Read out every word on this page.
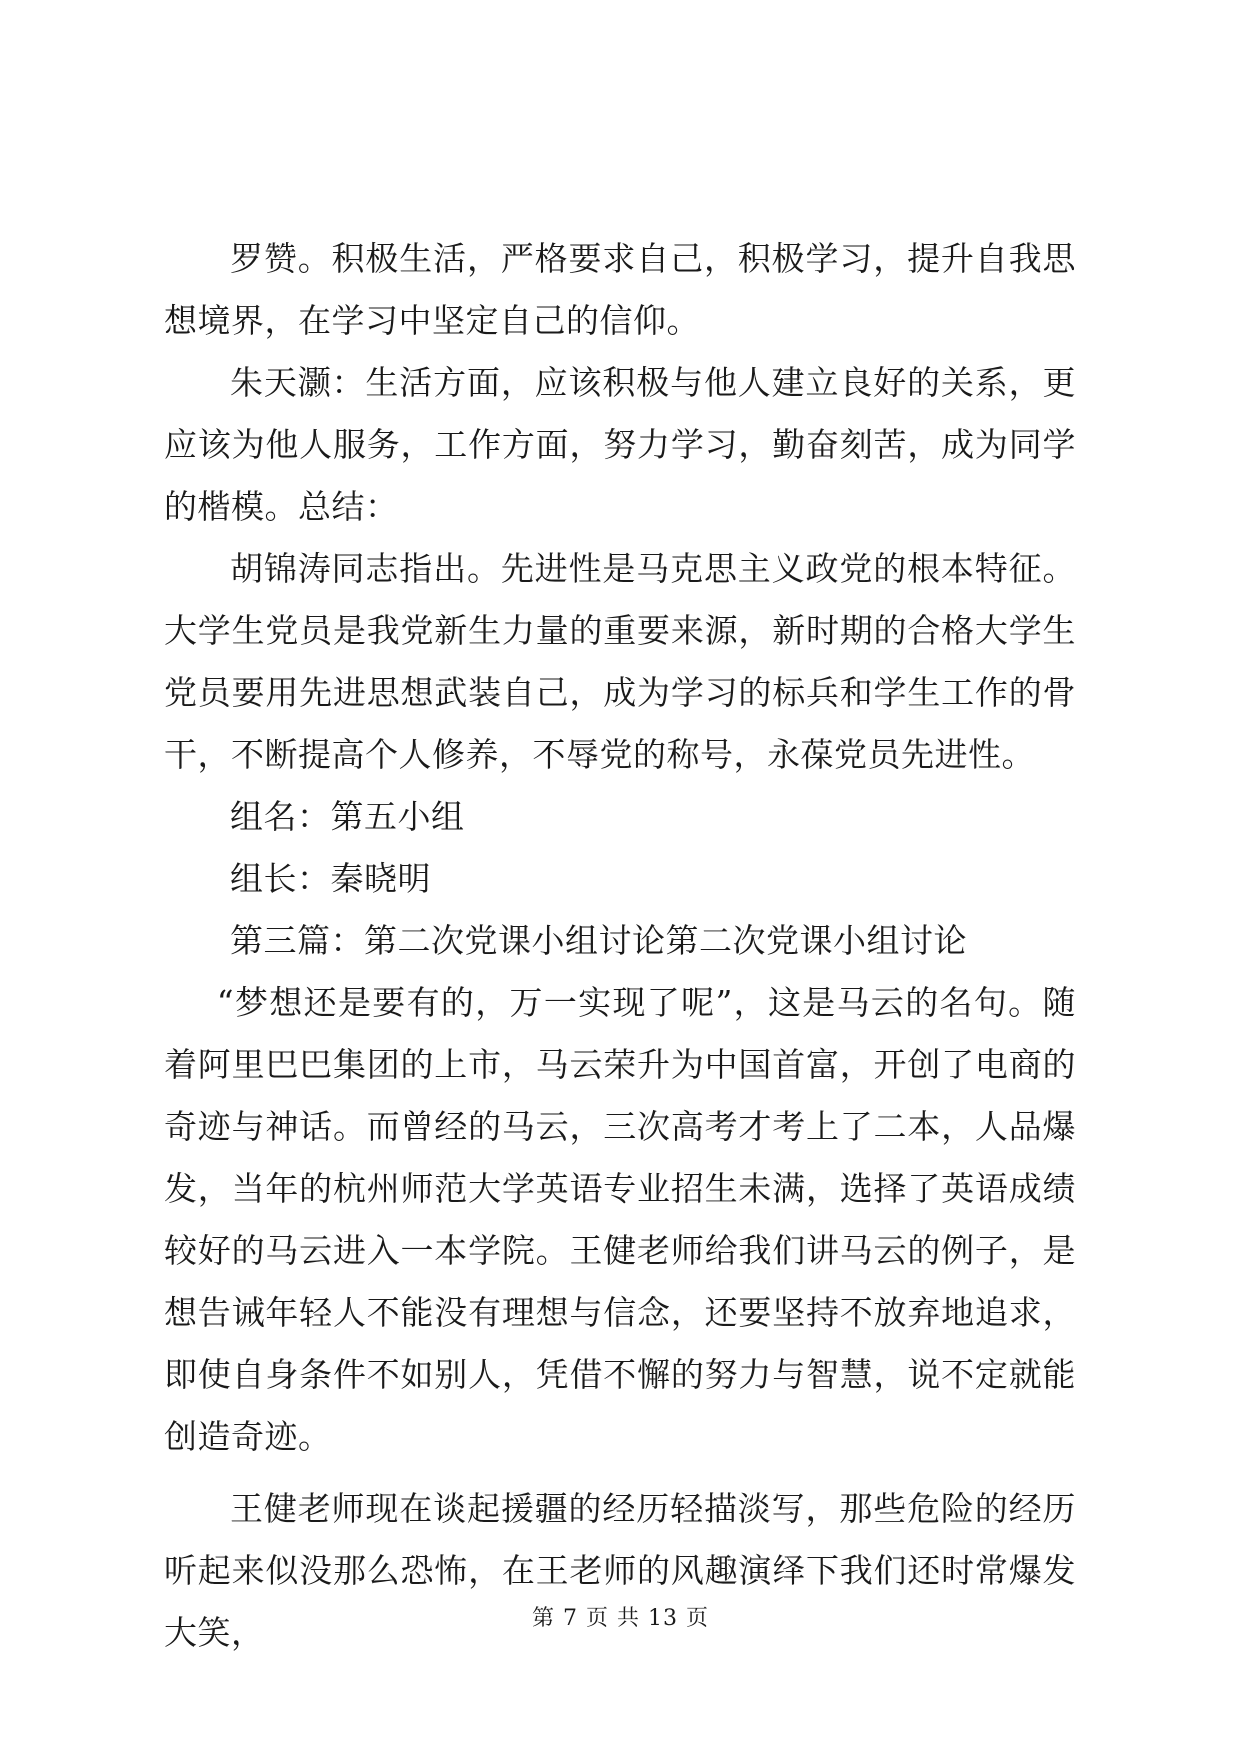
罗赞。积极生活，严格要求自己，积极学习，提升自我思想境界，在学习中坚定自己的信仰。

朱天灏：生活方面，应该积极与他人建立良好的关系，更应该为他人服务，工作方面，努力学习，勤奋刻苦，成为同学的楷模。总结：

胡锦涛同志指出。先进性是马克思主义政党的根本特征。大学生党员是我党新生力量的重要来源，新时期的合格大学生党员要用先进思想武装自己，成为学习的标兵和学生工作的骨干，不断提高个人修养，不辱党的称号，永葆党员先进性。

组名：第五小组

组长：秦晓明

第三篇：第二次党课小组讨论第二次党课小组讨论

“梦想还是要有的，万一实现了呢”，这是马云的名句。随着阿里巴巴集团的上市，马云荣升为中国首富，开创了电商的奇迹与神话。而曾经的马云，三次高考才考上了二本，人品爆发，当年的杭州师范大学英语专业招生未满，选择了英语成绩较好的马云进入一本学院。王健老师给我们讲马云的例子，是想告诫年轻人不能没有理想与信念，还要坚持不放弃地追求，即使自身条件不如别人，凭借不懈的努力与智慧，说不定就能创造奇迹。

王健老师现在谈起援疆的经历轻描淡写，那些危险的经历听起来似没那么恐怖，在王老师的风趣演绎下我们还时常爆发大笑，	第 7 页 共 13 页
